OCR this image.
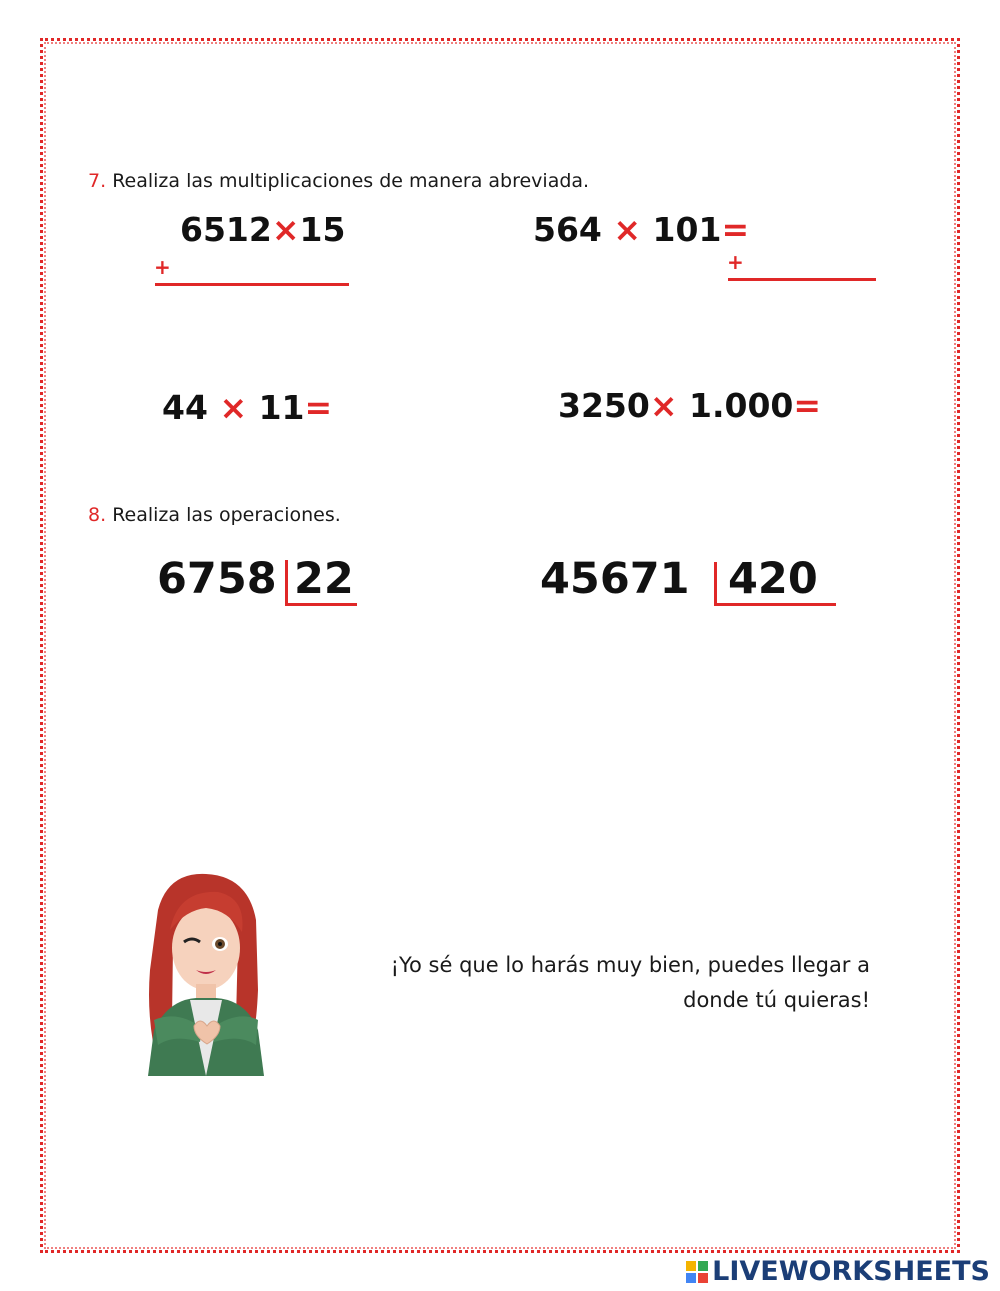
7. Realiza las multiplicaciones de manera abreviada.
6512×15
+
564 × 101=
+
44 × 11=	3250× 1.000=
8. Realiza las operaciones.
6758 22	45671 420
¡Yo sé que lo harás muy bien, puedes llegar a
donde tú quieras!
LIVEWORKSHEETS
